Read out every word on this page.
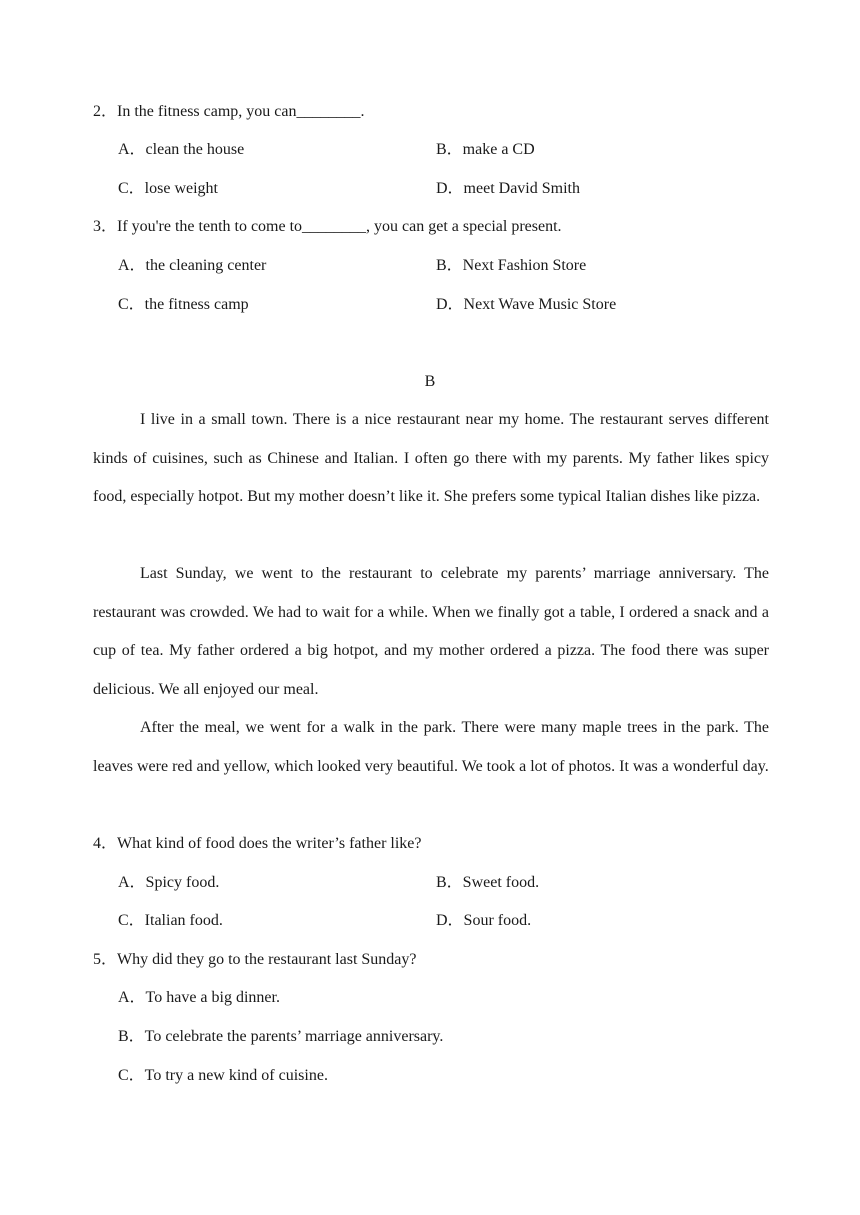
2．In the fitness camp, you can________.
A．clean the house	B．make a CD
C．lose weight	D．meet David Smith
3．If you're the tenth to come to________, you can get a special present.
A．the cleaning center	B．Next Fashion Store
C．the fitness camp	D．Next Wave Music Store
B

I live in a small town. There is a nice restaurant near my home. The restaurant serves different kinds of cuisines, such as Chinese and Italian. I often go there with my parents. My father likes spicy food, especially hotpot. But my mother doesn’t like it. She prefers some typical Italian dishes like pizza.

Last Sunday, we went to the restaurant to celebrate my parents’ marriage anniversary. The restaurant was crowded. We had to wait for a while. When we finally got a table, I ordered a snack and a cup of tea. My father ordered a big hotpot, and my mother ordered a pizza. The food there was super delicious. We all enjoyed our meal.

After the meal, we went for a walk in the park. There were many maple trees in the park. The leaves were red and yellow, which looked very beautiful. We took a lot of photos. It was a wonderful day.

4．What kind of food does the writer’s father like?
A．Spicy food.	B．Sweet food.
C．Italian food.	D．Sour food.
5．Why did they go to the restaurant last Sunday?
A．To have a big dinner.
B．To celebrate the parents’ marriage anniversary.
C．To try a new kind of cuisine.
